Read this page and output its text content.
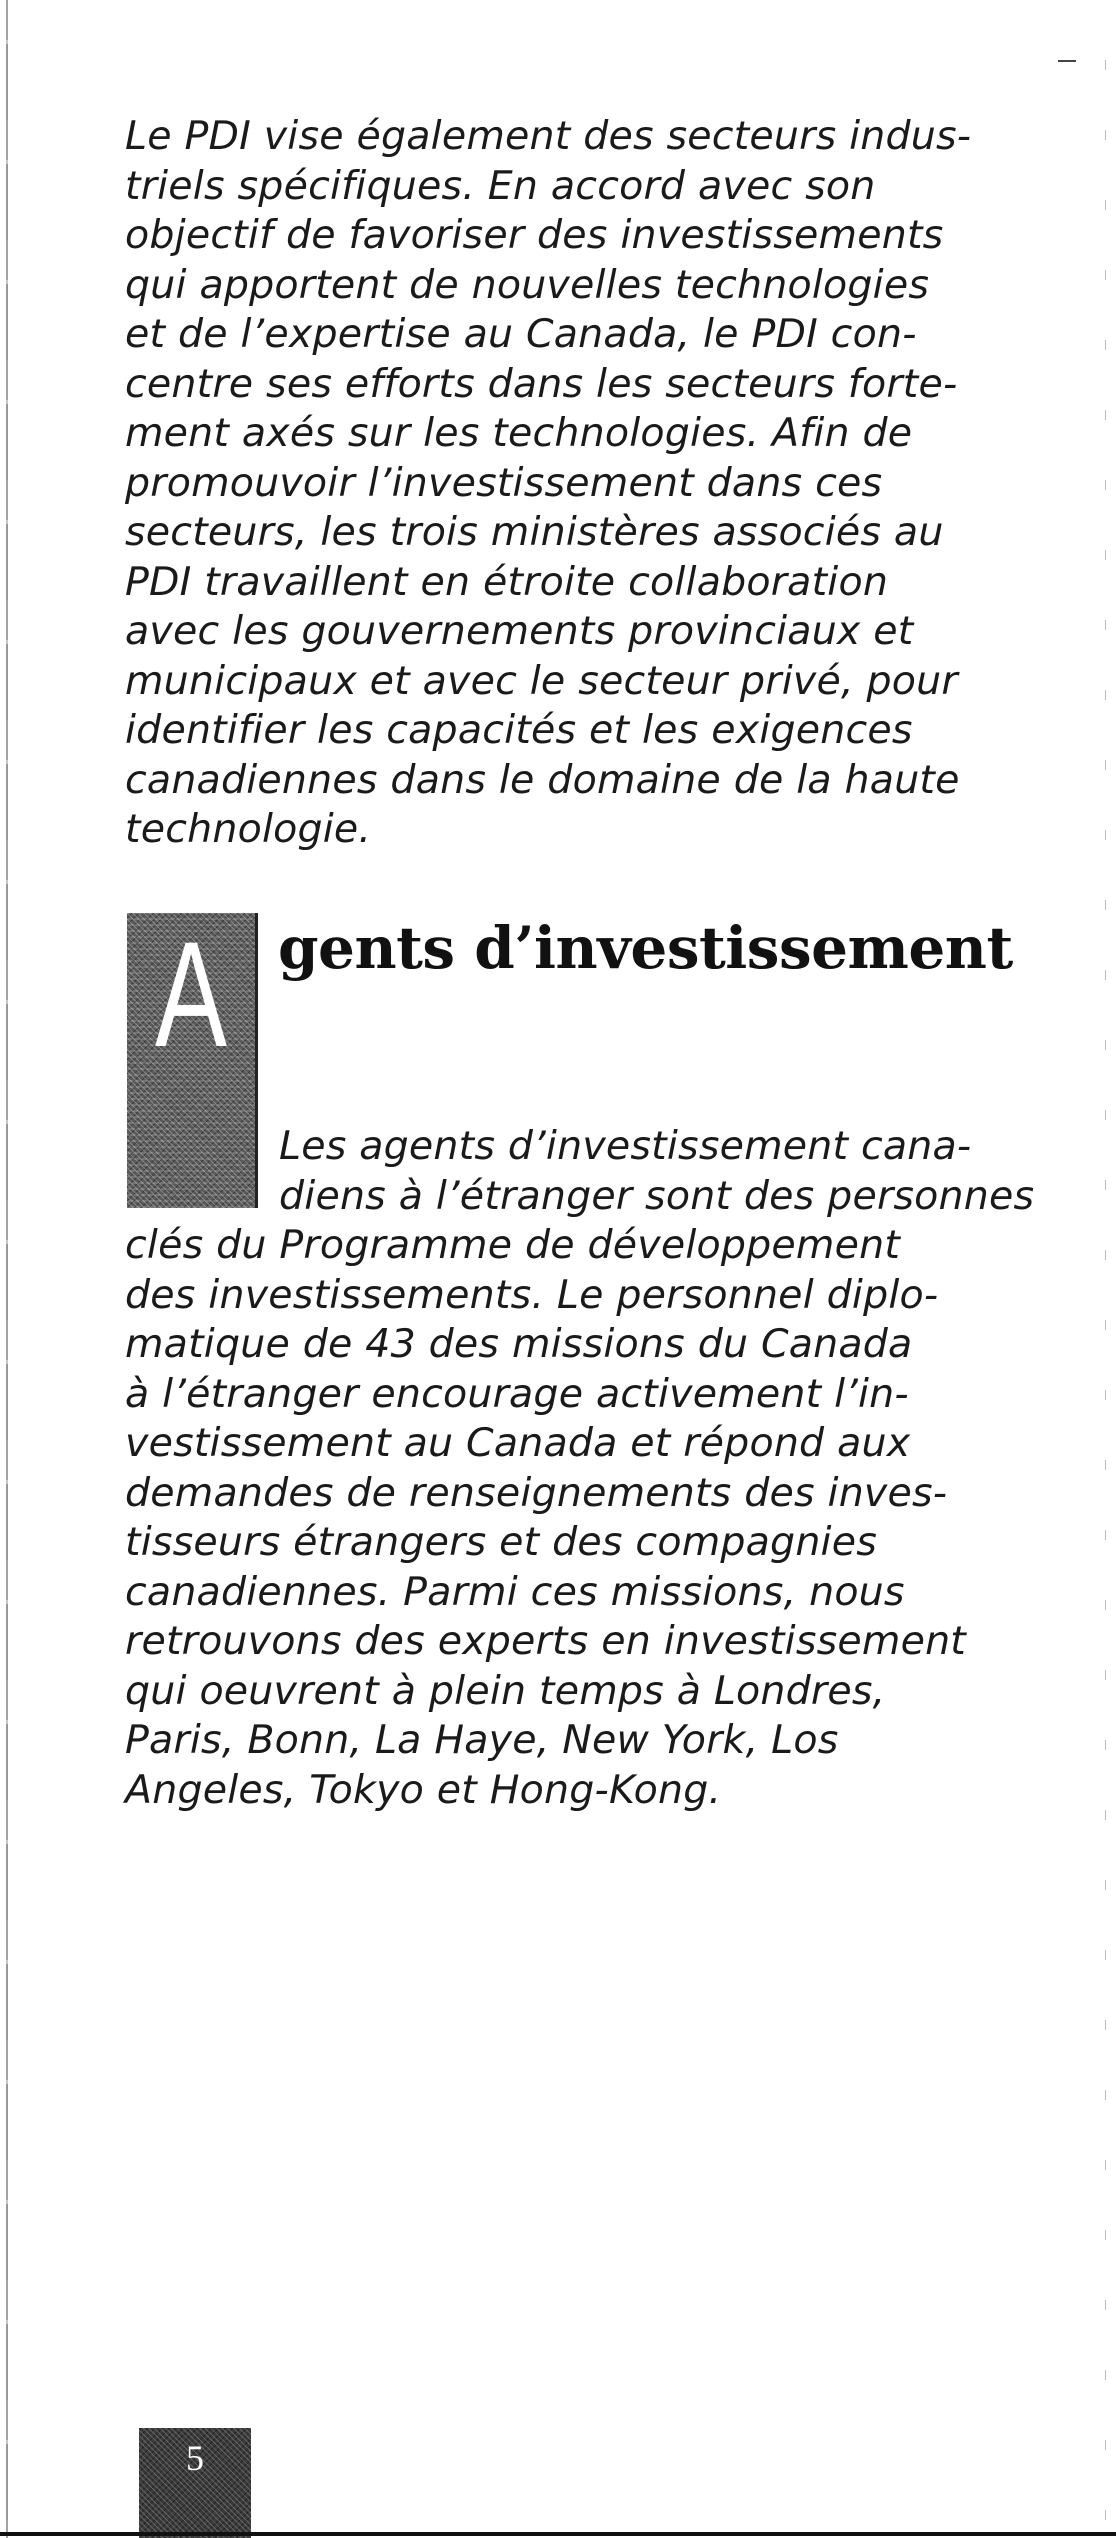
Le PDI vise également des secteurs indus-
triels spécifiques. En accord avec son
objectif de favoriser des investissements
qui apportent de nouvelles technologies
et de l’expertise au Canada, le PDI con-
centre ses efforts dans les secteurs forte-
ment axés sur les technologies. Afin de
promouvoir l’investissement dans ces
secteurs, les trois ministères associés au
PDI travaillent en étroite collaboration
avec les gouvernements provinciaux et
municipaux et avec le secteur privé, pour
identifier les capacités et les exigences
canadiennes dans le domaine de la haute
technologie.

A gents d’investissement

Les agents d’investissement cana-
diens à l’étranger sont des personnes
clés du Programme de développement
des investissements. Le personnel diplo-
matique de 43 des missions du Canada
à l’étranger encourage activement l’in-
vestissement au Canada et répond aux
demandes de renseignements des inves-
tisseurs étrangers et des compagnies
canadiennes. Parmi ces missions, nous
retrouvons des experts en investissement
qui oeuvrent à plein temps à Londres,
Paris, Bonn, La Haye, New York, Los
Angeles, Tokyo et Hong-Kong.

5
